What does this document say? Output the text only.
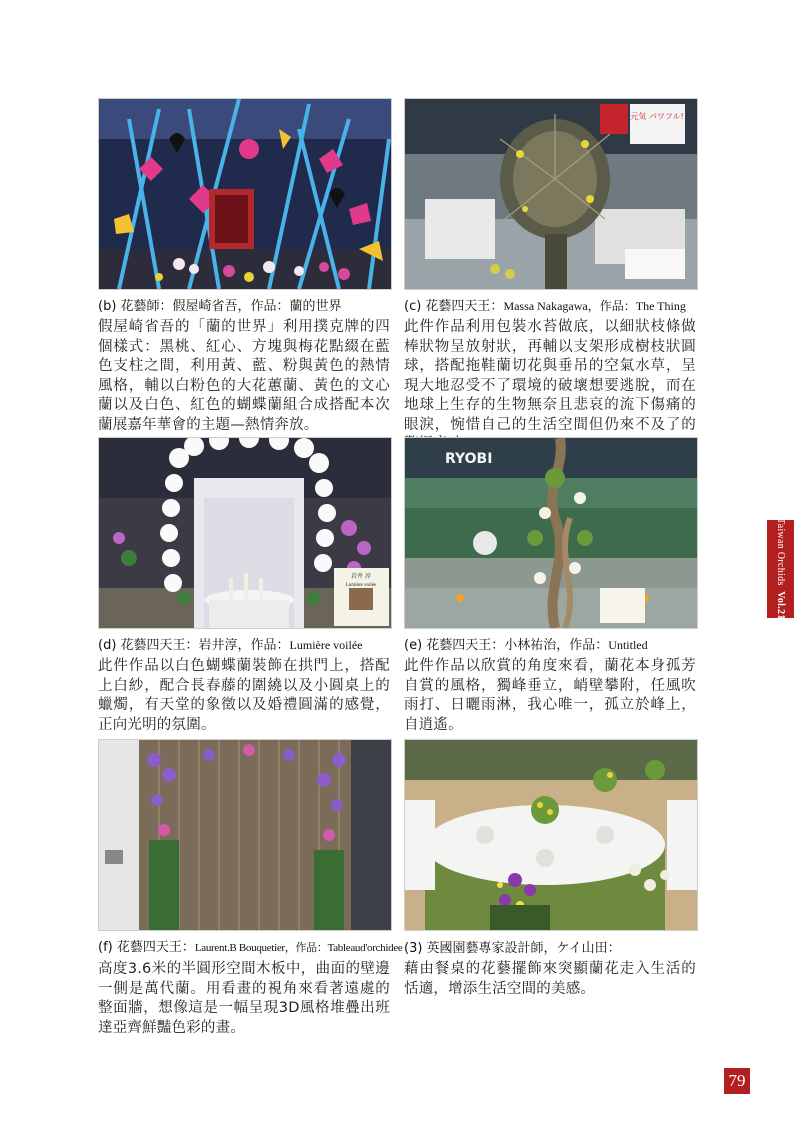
元気 パワフル!
(b) 花藝師：假屋崎省吾，作品：蘭的世界
假屋崎省吾的「蘭的世界」利用撲克牌的四個樣式：黑桃、紅心、方塊與梅花點綴在藍色支柱之間，利用黃、藍、粉與黃色的熱情風格，輔以白粉色的大花蕙蘭、黃色的文心蘭以及白色、紅色的蝴蝶蘭組合成搭配本次蘭展嘉年華會的主題—熱情奔放。
(c) 花藝四天王：Massa Nakagawa，作品：The Thing
此件作品利用包裝水苔做底，以細狀枝條做棒狀物呈放射狀，再輔以支架形成樹枝狀圓球，搭配拖鞋蘭切花與垂吊的空氣水草，呈現大地忍受不了環境的破壞想要逃脫，而在地球上生存的生物無奈且悲哀的流下傷痛的眼淚，惋惜自己的生活空間但仍來不及了的
岩井 淳
Lumière voilée
RYOBI
(d) 花藝四天王：岩井淳，作品：Lumière voilée
此件作品以白色蝴蝶蘭裝飾在拱門上，搭配上白紗，配合長春藤的圍繞以及小圓桌上的蠟燭，有天堂的象徵以及婚禮圓滿的感覺，正向光明的氛圍。
(e) 花藝四天王：小林祐治，作品：Untitled
此件作品以欣賞的角度來看，蘭花本身孤芳自賞的風格，獨峰垂立，峭壁攀附，任風吹雨打、日曬雨淋，我心唯一，孤立於峰上，自逍遙。
(f) 花藝四天王：Laurent.B Bouquetier，作品：Tableaud'orchidee
高度3.6米的半圓形空間木板中，曲面的壁邊一側是萬代蘭。用看畫的視角來看著遠處的整面牆，想像這是一幅呈現3D風格堆疊出班達亞齊鮮豔色彩的畫。
(3) 英國園藝專家設計師，ケイ山田：
藉由餐桌的花藝擺飾來突顯蘭花走入生活的恬適，增添生活空間的美感。
Taiwan Orchids  Vol.21
79
